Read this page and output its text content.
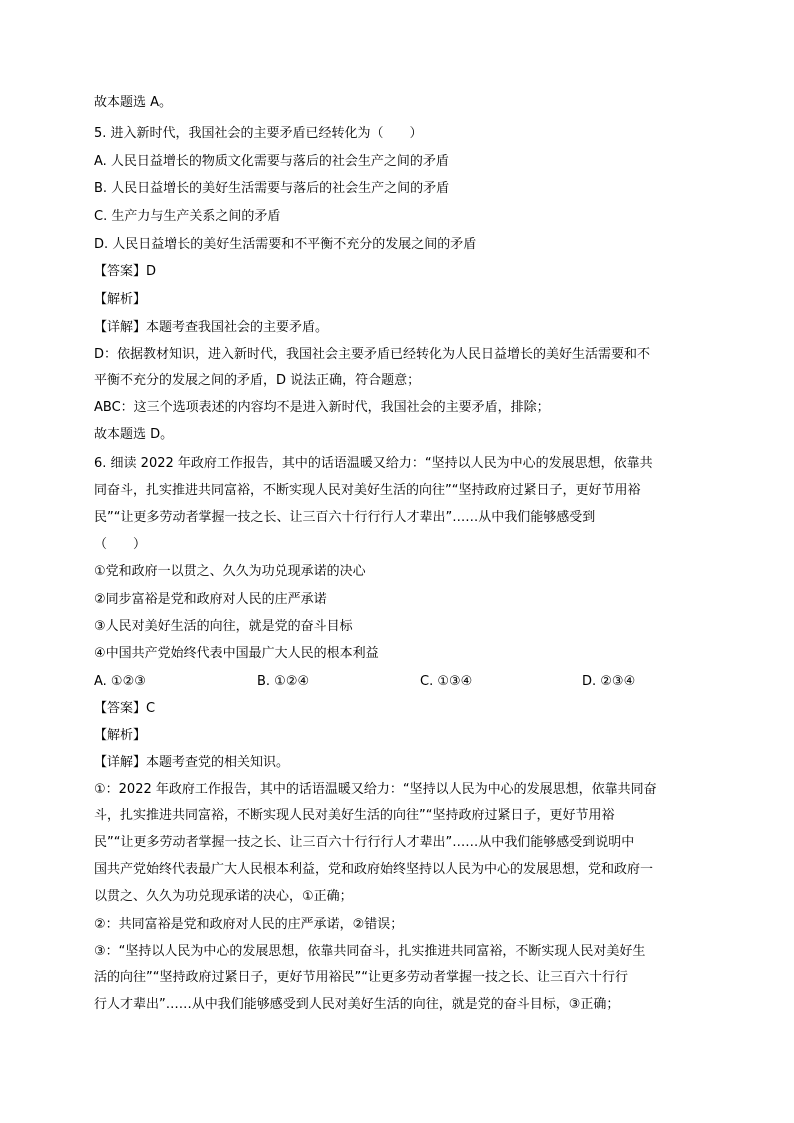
故本题选 A。
5. 进入新时代，我国社会的主要矛盾已经转化为（　　）
A. 人民日益增长的物质文化需要与落后的社会生产之间的矛盾
B. 人民日益增长的美好生活需要与落后的社会生产之间的矛盾
C. 生产力与生产关系之间的矛盾
D. 人民日益增长的美好生活需要和不平衡不充分的发展之间的矛盾
【答案】D
【解析】
【详解】本题考查我国社会的主要矛盾。
D：依据教材知识，进入新时代，我国社会主要矛盾已经转化为人民日益增长的美好生活需要和不
平衡不充分的发展之间的矛盾，D 说法正确，符合题意；
ABC：这三个选项表述的内容均不是进入新时代，我国社会的主要矛盾，排除；
故本题选 D。
6. 细读 2022 年政府工作报告，其中的话语温暖又给力：“坚持以人民为中心的发展思想，依靠共
同奋斗，扎实推进共同富裕，不断实现人民对美好生活的向往”“坚持政府过紧日子，更好节用裕
民”“让更多劳动者掌握一技之长、让三百六十行行行人才辈出”……从中我们能够感受到
（　　）
①党和政府一以贯之、久久为功兑现承诺的决心
②同步富裕是党和政府对人民的庄严承诺
③人民对美好生活的向往，就是党的奋斗目标
④中国共产党始终代表中国最广大人民的根本利益
A. ①②③	B. ①②④	C. ①③④	D. ②③④
【答案】C
【解析】
【详解】本题考查党的相关知识。
①：2022 年政府工作报告，其中的话语温暖又给力：“坚持以人民为中心的发展思想，依靠共同奋
斗，扎实推进共同富裕，不断实现人民对美好生活的向往”“坚持政府过紧日子，更好节用裕
民”“让更多劳动者掌握一技之长、让三百六十行行行人才辈出”……从中我们能够感受到说明中
国共产党始终代表最广大人民根本利益，党和政府始终坚持以人民为中心的发展思想，党和政府一
以贯之、久久为功兑现承诺的决心，①正确；
②：共同富裕是党和政府对人民的庄严承诺，②错误；
③：“坚持以人民为中心的发展思想，依靠共同奋斗，扎实推进共同富裕，不断实现人民对美好生
活的向往”“坚持政府过紧日子，更好节用裕民”“让更多劳动者掌握一技之长、让三百六十行行
行人才辈出”……从中我们能够感受到人民对美好生活的向往，就是党的奋斗目标，③正确；
